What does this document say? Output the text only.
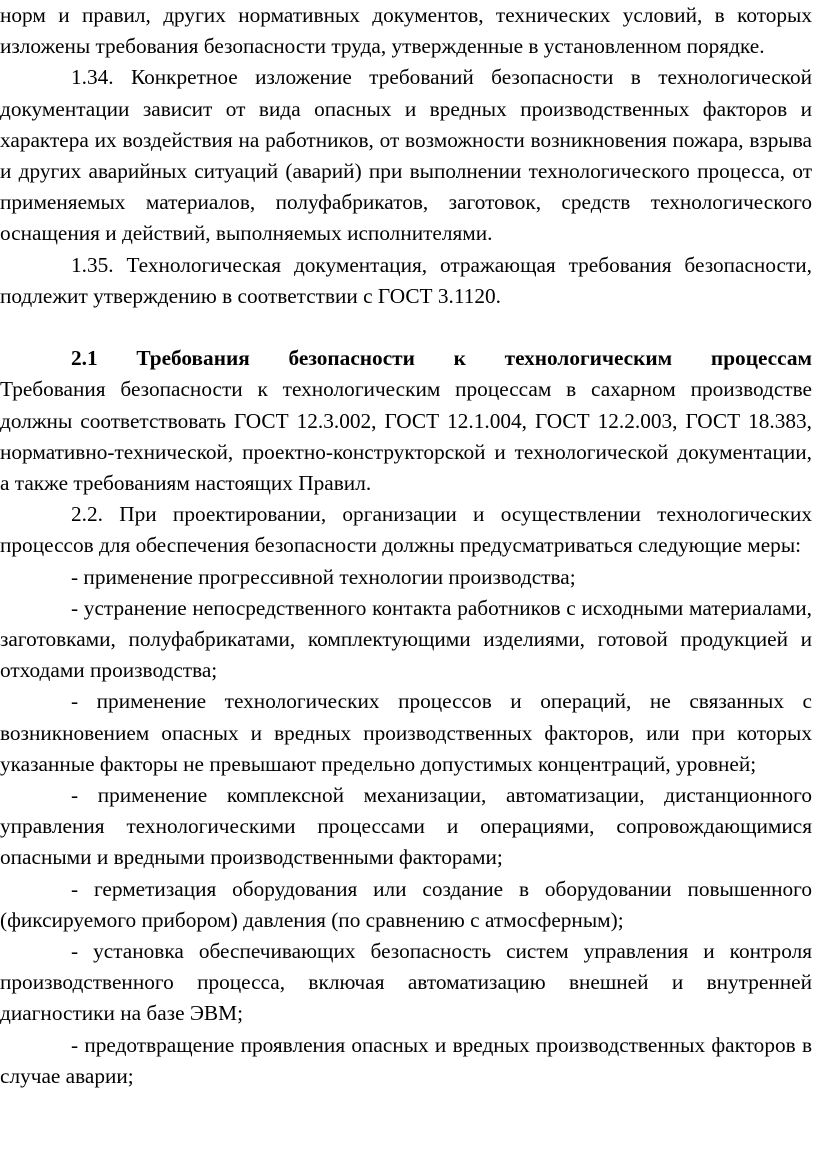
норм и правил, других нормативных документов, технических условий, в которых изложены требования безопасности труда, утвержденные в установленном порядке.

1.34. Конкретное изложение требований безопасности в технологической документации зависит от вида опасных и вредных производственных факторов и характера их воздействия на работников, от возможности возникновения пожара, взрыва и других аварийных ситуаций (аварий) при выполнении технологического процесса, от применяемых материалов, полуфабрикатов, заготовок, средств технологического оснащения и действий, выполняемых исполнителями.

1.35. Технологическая документация, отражающая требования безопасности, подлежит утверждению в соответствии с ГОСТ 3.1120.

2.1 Требования безопасности к технологическим процессам

Требования безопасности к технологическим процессам в сахарном производстве должны соответствовать ГОСТ 12.3.002, ГОСТ 12.1.004, ГОСТ 12.2.003, ГОСТ 18.383, нормативно-технической, проектно-конструкторской и технологической документации, а также требованиям настоящих Правил.

2.2. При проектировании, организации и осуществлении технологических процессов для обеспечения безопасности должны предусматриваться следующие меры:

- применение прогрессивной технологии производства;

- устранение непосредственного контакта работников с исходными материалами, заготовками, полуфабрикатами, комплектующими изделиями, готовой продукцией и отходами производства;

- применение технологических процессов и операций, не связанных с возникновением опасных и вредных производственных факторов, или при которых указанные факторы не превышают предельно допустимых концентраций, уровней;

- применение комплексной механизации, автоматизации, дистанционного управления технологическими процессами и операциями, сопровождающимися опасными и вредными производственными факторами;

- герметизация оборудования или создание в оборудовании повышенного (фиксируемого прибором) давления (по сравнению с атмосферным);

- установка обеспечивающих безопасность систем управления и контроля производственного процесса, включая автоматизацию внешней и внутренней диагностики на базе ЭВМ;

- предотвращение проявления опасных и вредных производственных факторов в случае аварии;
